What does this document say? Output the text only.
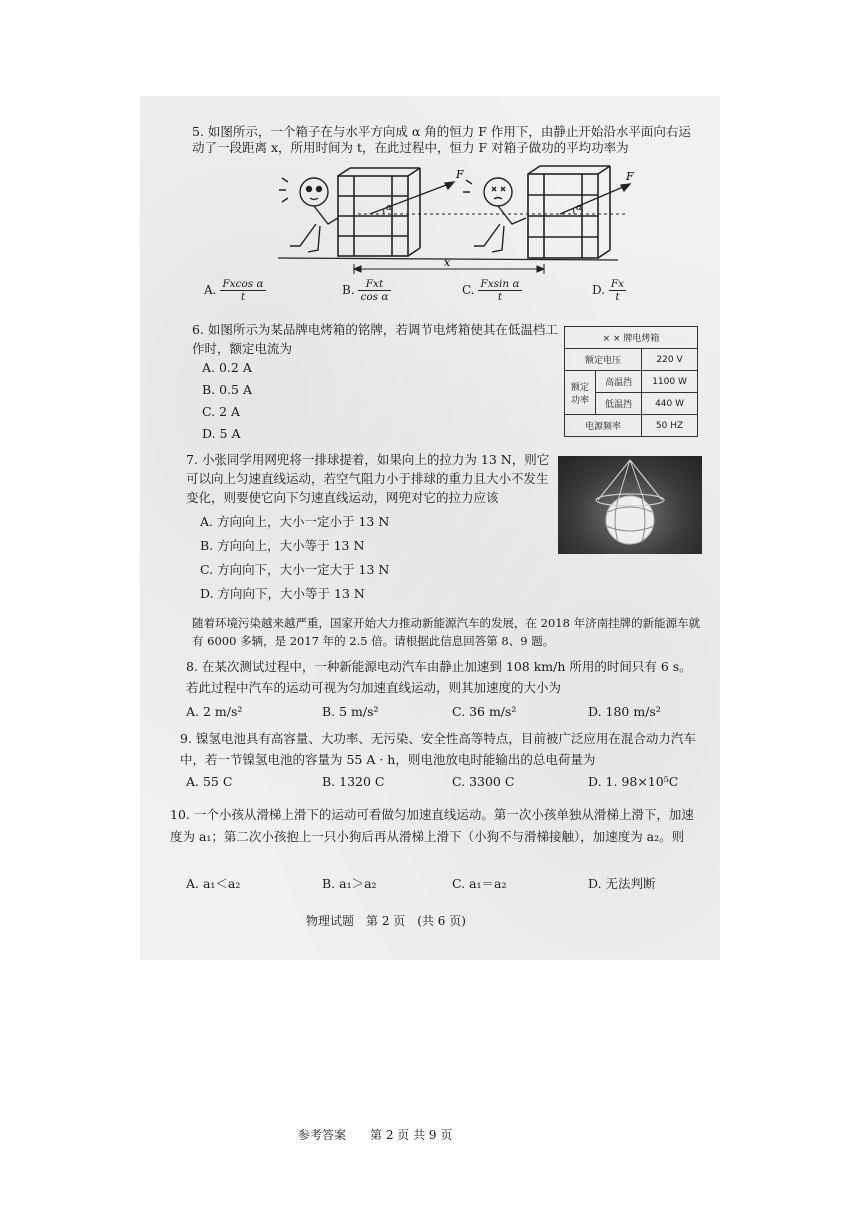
5. 如图所示，一个箱子在与水平方向成 α 角的恒力 F 作用下，由静止开始沿水平面向右运动了一段距离 x，所用时间为 t，在此过程中，恒力 F 对箱子做功的平均功率为
F	F
α	α
x
A. $\frac{\text{Fxcos α}}{t}$	B. $\frac{\text{Fxt}}{\text{cos α}}$	C. $\frac{\text{Fxsin α}}{t}$	D. $\frac{Fx}{t}$
6. 如图所示为某品牌电烤箱的铭牌，若调节电烤箱使其在低温档工作时，额定电流为
A. 0.2 A
B. 0.5 A
C. 2 A
D. 5 A
× × 牌电烤箱		
额定电压		220 V
额定功率	高温挡	1100 W
	低温挡	440 W
电源频率		50 HZ
7. 小张同学用网兜将一排球提着，如果向上的拉力为 13 N，则它可以向上匀速直线运动，若空气阻力小于排球的重力且大小不发生变化，则要使它向下匀速直线运动，网兜对它的拉力应该
A. 方向向上，大小一定小于 13 N
B. 方向向上，大小等于 13 N
C. 方向向下，大小一定大于 13 N
D. 方向向下，大小等于 13 N
随着环境污染越来越严重，国家开始大力推动新能源汽车的发展，在 2018 年济南挂牌的新能源车就有 6000 多辆，是 2017 年的 2.5 倍。请根据此信息回答第 8、9 题。
8. 在某次测试过程中，一种新能源电动汽车由静止加速到 108 km/h 所用的时间只有 6 s。若此过程中汽车的运动可视为匀加速直线运动，则其加速度的大小为
A. 2 m/s²	B. 5 m/s²	C. 36 m/s²	D. 180 m/s²
9. 镍氢电池具有高容量、大功率、无污染、安全性高等特点，目前被广泛应用在混合动力汽车中，若一节镍氢电池的容量为 55 A · h，则电池放电时能输出的总电荷量为
A. 55 C	B. 1320 C	C. 3300 C	D. 1. 98×10⁵C
10. 一个小孩从滑梯上滑下的运动可看做匀加速直线运动。第一次小孩单独从滑梯上滑下，加速度为 a₁；第二次小孩抱上一只小狗后再从滑梯上滑下（小狗不与滑梯接触），加速度为 a₂。则
A. a₁＜a₂	B. a₁＞a₂	C. a₁＝a₂	D. 无法判断
物理试题　第 2 页　(共 6 页)
参考答案　　第 2 页 共 9 页
